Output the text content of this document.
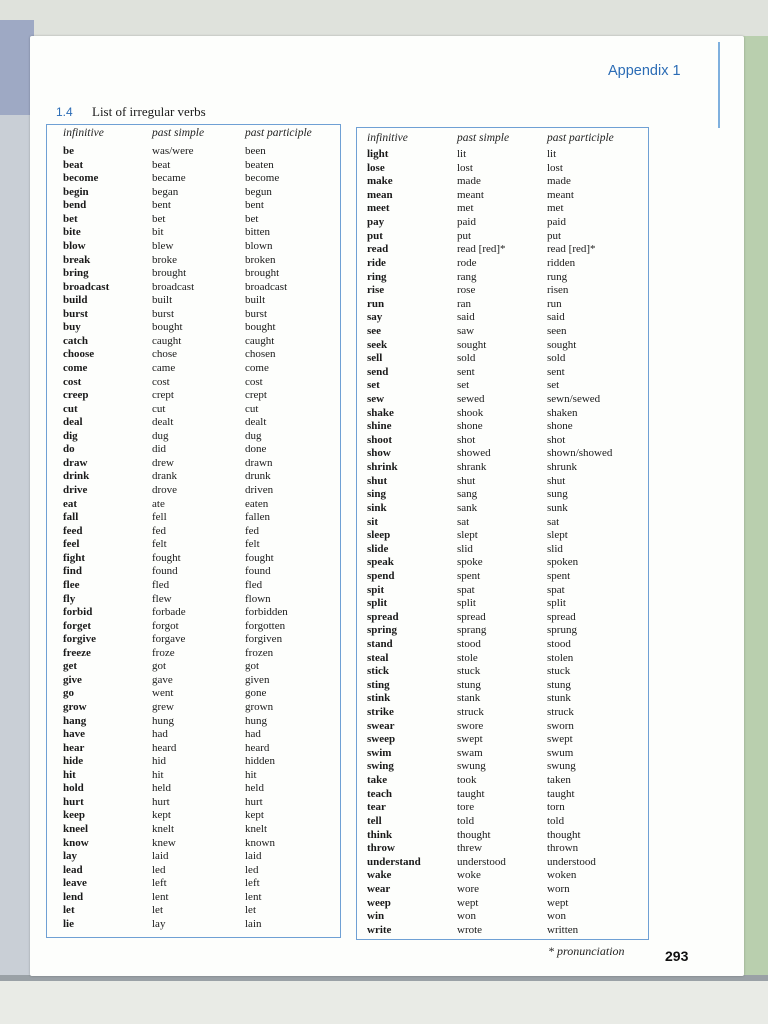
Appendix 1
1.4 List of irregular verbs
infinitive	past simple	past participle
be	was/were	been
beat	beat	beaten
become	became	become
begin	began	begun
bend	bent	bent
bet	bet	bet
bite	bit	bitten
blow	blew	blown
break	broke	broken
bring	brought	brought
broadcast	broadcast	broadcast
build	built	built
burst	burst	burst
buy	bought	bought
catch	caught	caught
choose	chose	chosen
come	came	come
cost	cost	cost
creep	crept	crept
cut	cut	cut
deal	dealt	dealt
dig	dug	dug
do	did	done
draw	drew	drawn
drink	drank	drunk
drive	drove	driven
eat	ate	eaten
fall	fell	fallen
feed	fed	fed
feel	felt	felt
fight	fought	fought
find	found	found
flee	fled	fled
fly	flew	flown
forbid	forbade	forbidden
forget	forgot	forgotten
forgive	forgave	forgiven
freeze	froze	frozen
get	got	got
give	gave	given
go	went	gone
grow	grew	grown
hang	hung	hung
have	had	had
hear	heard	heard
hide	hid	hidden
hit	hit	hit
hold	held	held
hurt	hurt	hurt
keep	kept	kept
kneel	knelt	knelt
know	knew	known
lay	laid	laid
lead	led	led
leave	left	left
lend	lent	lent
let	let	let
lie	lay	lain
infinitive	past simple	past participle
light	lit	lit
lose	lost	lost
make	made	made
mean	meant	meant
meet	met	met
pay	paid	paid
put	put	put
read	read [red]*	read [red]*
ride	rode	ridden
ring	rang	rung
rise	rose	risen
run	ran	run
say	said	said
see	saw	seen
seek	sought	sought
sell	sold	sold
send	sent	sent
set	set	set
sew	sewed	sewn/sewed
shake	shook	shaken
shine	shone	shone
shoot	shot	shot
show	showed	shown/showed
shrink	shrank	shrunk
shut	shut	shut
sing	sang	sung
sink	sank	sunk
sit	sat	sat
sleep	slept	slept
slide	slid	slid
speak	spoke	spoken
spend	spent	spent
spit	spat	spat
split	split	split
spread	spread	spread
spring	sprang	sprung
stand	stood	stood
steal	stole	stolen
stick	stuck	stuck
sting	stung	stung
stink	stank	stunk
strike	struck	struck
swear	swore	sworn
sweep	swept	swept
swim	swam	swum
swing	swung	swung
take	took	taken
teach	taught	taught
tear	tore	torn
tell	told	told
think	thought	thought
throw	threw	thrown
understand	understood	understood
wake	woke	woken
wear	wore	worn
weep	wept	wept
win	won	won
write	wrote	written
* pronunciation	293
